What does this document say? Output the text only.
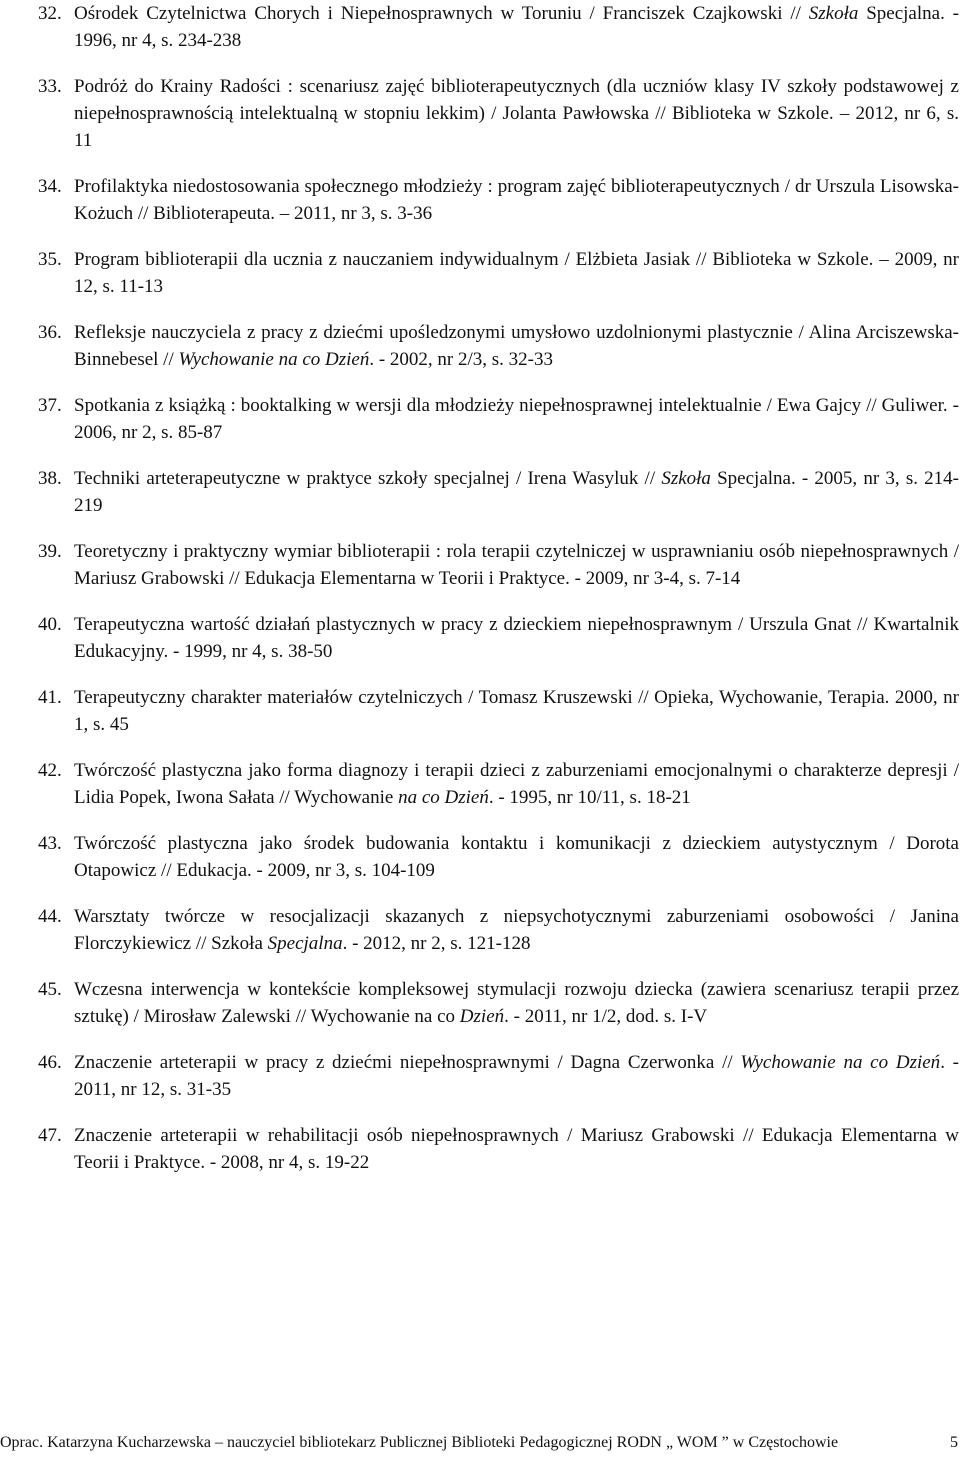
32. Ośrodek Czytelnictwa Chorych i Niepełnosprawnych w Toruniu / Franciszek Czajkowski // Szkoła Specjalna. - 1996, nr 4, s. 234-238
33. Podróż do Krainy Radości : scenariusz zajęć biblioterapeutycznych (dla uczniów klasy IV szkoły podstawowej z niepełnosprawnością intelektualną w stopniu lekkim) / Jolanta Pawłowska // Biblioteka w Szkole. – 2012, nr 6, s. 11
34. Profilaktyka niedostosowania społecznego młodzieży : program zajęć biblioterapeutycznych / dr Urszula Lisowska-Kożuch // Biblioterapeuta. – 2011, nr 3, s. 3-36
35. Program biblioterapii dla ucznia z nauczaniem indywidualnym / Elżbieta Jasiak // Biblioteka w Szkole. – 2009, nr 12, s. 11-13
36. Refleksje nauczyciela z pracy z dziećmi upośledzonymi umysłowo uzdolnionymi plastycznie / Alina Arciszewska-Binnebesel // Wychowanie na co Dzień. - 2002, nr 2/3, s. 32-33
37. Spotkania z książką : booktalking w wersji dla młodzieży niepełnosprawnej intelektualnie / Ewa Gajcy // Guliwer. - 2006, nr 2, s. 85-87
38. Techniki arteterapeutyczne w praktyce szkoły specjalnej / Irena Wasyluk // Szkoła Specjalna. - 2005, nr 3, s. 214-219
39. Teoretyczny i praktyczny wymiar biblioterapii : rola terapii czytelniczej w usprawnianiu osób niepełnosprawnych / Mariusz Grabowski // Edukacja Elementarna w Teorii i Praktyce. - 2009, nr 3-4, s. 7-14
40. Terapeutyczna wartość działań plastycznych w pracy z dzieckiem niepełnosprawnym / Urszula Gnat // Kwartalnik Edukacyjny. - 1999, nr 4, s. 38-50
41. Terapeutyczny charakter materiałów czytelniczych / Tomasz Kruszewski // Opieka, Wychowanie, Terapia. 2000, nr 1, s. 45
42. Twórczość plastyczna jako forma diagnozy i terapii dzieci z zaburzeniami emocjonalnymi o charakterze depresji / Lidia Popek, Iwona Sałata // Wychowanie na co Dzień. - 1995, nr 10/11, s. 18-21
43. Twórczość plastyczna jako środek budowania kontaktu i komunikacji z dzieckiem autystycznym / Dorota Otapowicz // Edukacja. - 2009, nr 3, s. 104-109
44. Warsztaty twórcze w resocjalizacji skazanych z niepsychotycznymi zaburzeniami osobowości / Janina Florczykiewicz // Szkoła Specjalna. - 2012, nr 2, s. 121-128
45. Wczesna interwencja w kontekście kompleksowej stymulacji rozwoju dziecka (zawiera scenariusz terapii przez sztukę) / Mirosław Zalewski // Wychowanie na co Dzień. - 2011, nr 1/2, dod. s. I-V
46. Znaczenie arteterapii w pracy z dziećmi niepełnosprawnymi / Dagna Czerwonka // Wychowanie na co Dzień. - 2011, nr 12, s. 31-35
47. Znaczenie arteterapii w rehabilitacji osób niepełnosprawnych / Mariusz Grabowski // Edukacja Elementarna w Teorii i Praktyce. - 2008, nr 4, s. 19-22
Oprac. Katarzyna Kucharzewska – nauczyciel bibliotekarz Publicznej Biblioteki Pedagogicznej RODN „ WOM ” w Częstochowie	5
